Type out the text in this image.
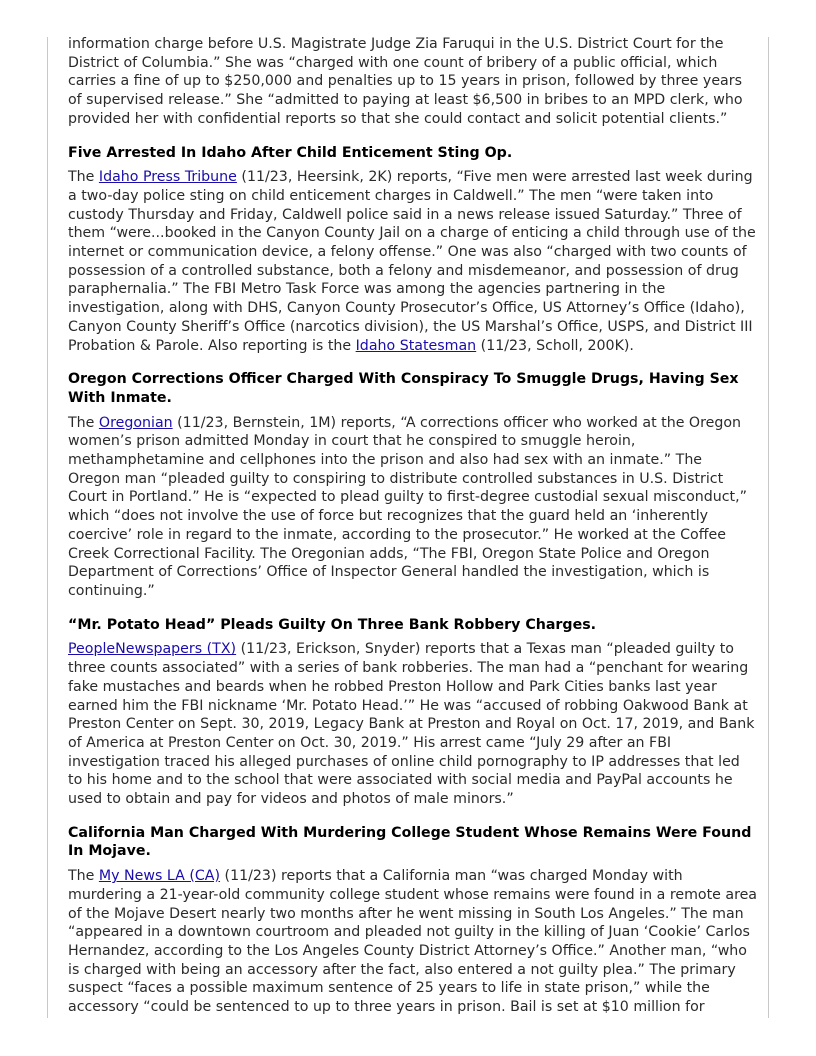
information charge before U.S. Magistrate Judge Zia Faruqui in the U.S. District Court for the District of Columbia.” She was “charged with one count of bribery of a public official, which carries a fine of up to $250,000 and penalties up to 15 years in prison, followed by three years of supervised release.” She “admitted to paying at least $6,500 in bribes to an MPD clerk, who provided her with confidential reports so that she could contact and solicit potential clients.”

Five Arrested In Idaho After Child Enticement Sting Op.

The Idaho Press Tribune (11/23, Heersink, 2K) reports, “Five men were arrested last week during a two-day police sting on child enticement charges in Caldwell.” The men “were taken into custody Thursday and Friday, Caldwell police said in a news release issued Saturday.” Three of them “were...booked in the Canyon County Jail on a charge of enticing a child through use of the internet or communication device, a felony offense.” One was also “charged with two counts of possession of a controlled substance, both a felony and misdemeanor, and possession of drug paraphernalia.” The FBI Metro Task Force was among the agencies partnering in the investigation, along with DHS, Canyon County Prosecutor’s Office, US Attorney’s Office (Idaho), Canyon County Sheriff’s Office (narcotics division), the US Marshal’s Office, USPS, and District III Probation & Parole. Also reporting is the Idaho Statesman (11/23, Scholl, 200K).

Oregon Corrections Officer Charged With Conspiracy To Smuggle Drugs, Having Sex With Inmate.

The Oregonian (11/23, Bernstein, 1M) reports, “A corrections officer who worked at the Oregon women’s prison admitted Monday in court that he conspired to smuggle heroin, methamphetamine and cellphones into the prison and also had sex with an inmate.” The Oregon man “pleaded guilty to conspiring to distribute controlled substances in U.S. District Court in Portland.” He is “expected to plead guilty to first-degree custodial sexual misconduct,” which “does not involve the use of force but recognizes that the guard held an ‘inherently coercive’ role in regard to the inmate, according to the prosecutor.” He worked at the Coffee Creek Correctional Facility. The Oregonian adds, “The FBI, Oregon State Police and Oregon Department of Corrections’ Office of Inspector General handled the investigation, which is continuing.”

“Mr. Potato Head” Pleads Guilty On Three Bank Robbery Charges.

PeopleNewspapers (TX) (11/23, Erickson, Snyder) reports that a Texas man “pleaded guilty to three counts associated” with a series of bank robberies. The man had a “penchant for wearing fake mustaches and beards when he robbed Preston Hollow and Park Cities banks last year earned him the FBI nickname ‘Mr. Potato Head.’” He was “accused of robbing Oakwood Bank at Preston Center on Sept. 30, 2019, Legacy Bank at Preston and Royal on Oct. 17, 2019, and Bank of America at Preston Center on Oct. 30, 2019.” His arrest came “July 29 after an FBI investigation traced his alleged purchases of online child pornography to IP addresses that led to his home and to the school that were associated with social media and PayPal accounts he used to obtain and pay for videos and photos of male minors.”

California Man Charged With Murdering College Student Whose Remains Were Found In Mojave.

The My News LA (CA) (11/23) reports that a California man “was charged Monday with murdering a 21-year-old community college student whose remains were found in a remote area of the Mojave Desert nearly two months after he went missing in South Los Angeles.” The man “appeared in a downtown courtroom and pleaded not guilty in the killing of Juan ‘Cookie’ Carlos Hernandez, according to the Los Angeles County District Attorney’s Office.” Another man, “who is charged with being an accessory after the fact, also entered a not guilty plea.” The primary suspect “faces a possible maximum sentence of 25 years to life in state prison,” while the accessory “could be sentenced to up to three years in prison. Bail is set at $10 million for
